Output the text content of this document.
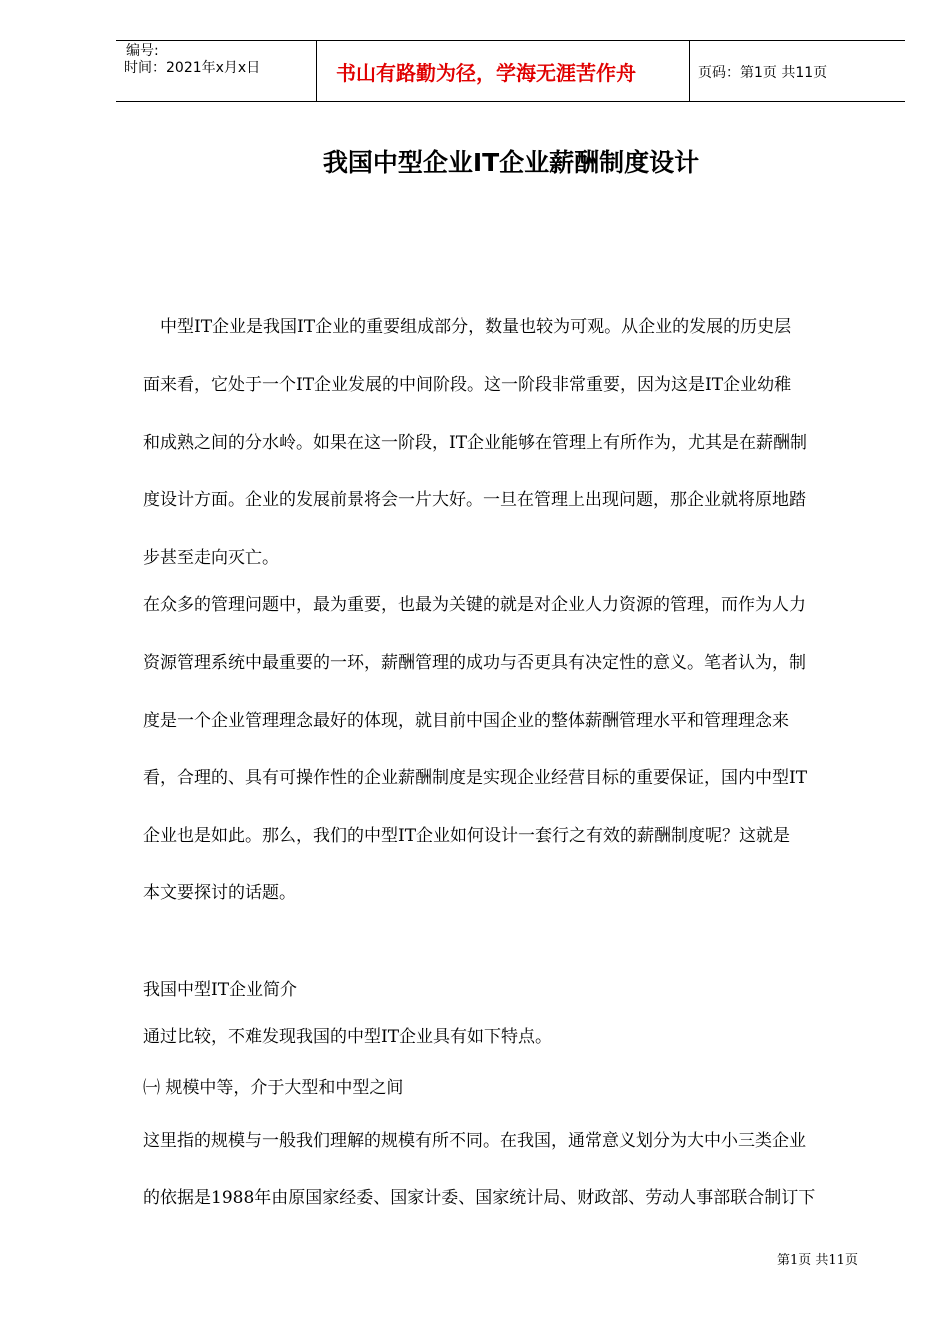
编号:
时间：2021年x月x日	书山有路勤为径，学海无涯苦作舟	页码：第1页 共11页
我国中型企业IT企业薪酬制度设计
中型IT企业是我国IT企业的重要组成部分，数量也较为可观。从企业的发展的历史层
面来看，它处于一个IT企业发展的中间阶段。这一阶段非常重要，因为这是IT企业幼稚
和成熟之间的分水岭。如果在这一阶段，IT企业能够在管理上有所作为，尤其是在薪酬制
度设计方面。企业的发展前景将会一片大好。一旦在管理上出现问题，那企业就将原地踏
步甚至走向灭亡。
在众多的管理问题中，最为重要，也最为关键的就是对企业人力资源的管理，而作为人力
资源管理系统中最重要的一环，薪酬管理的成功与否更具有决定性的意义。笔者认为，制
度是一个企业管理理念最好的体现，就目前中国企业的整体薪酬管理水平和管理理念来
看，合理的、具有可操作性的企业薪酬制度是实现企业经营目标的重要保证，国内中型IT
企业也是如此。那么，我们的中型IT企业如何设计一套行之有效的薪酬制度呢？这就是
本文要探讨的话题。
我国中型IT企业简介
通过比较，不难发现我国的中型IT企业具有如下特点。
㈠ 规模中等，介于大型和中型之间
这里指的规模与一般我们理解的规模有所不同。在我国，通常意义划分为大中小三类企业
的依据是1988年由原国家经委、国家计委、国家统计局、财政部、劳动人事部联合制订下
第1页 共11页
